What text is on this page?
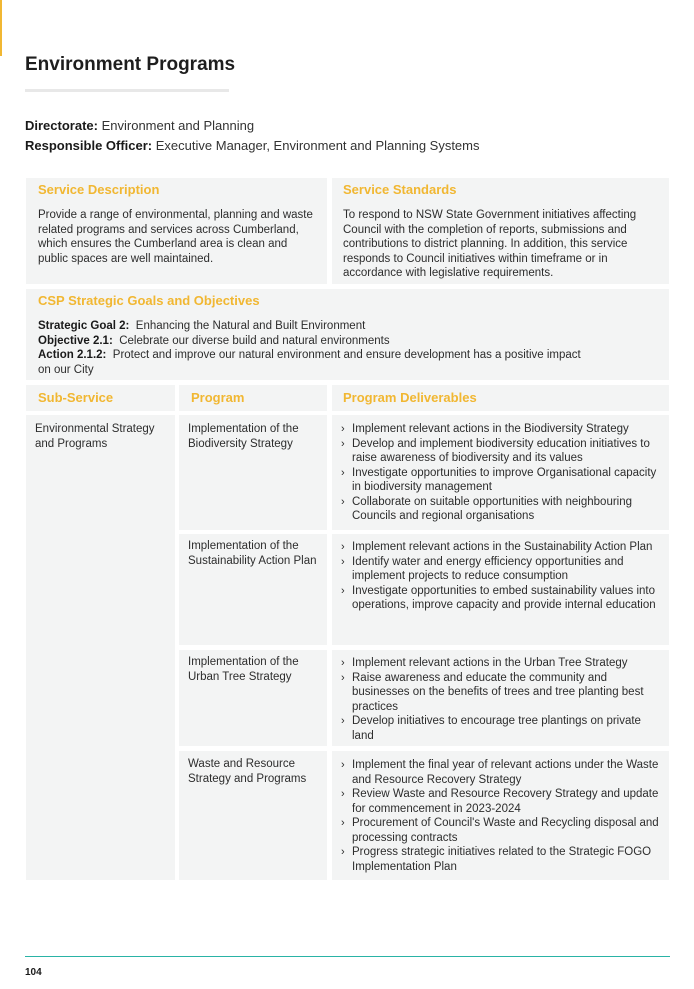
Environment Programs
Directorate: Environment and Planning
Responsible Officer: Executive Manager, Environment and Planning Systems
Service Description

Provide a range of environmental, planning and waste related programs and services across Cumberland, which ensures the Cumberland area is clean and public spaces are well maintained.

Service Standards

To respond to NSW State Government initiatives affecting Council with the completion of reports, submissions and contributions to district planning. In addition, this service responds to Council initiatives within timeframe or in accordance with legislative requirements.

CSP Strategic Goals and Objectives
Strategic Goal 2: Enhancing the Natural and Built Environment
Objective 2.1: Celebrate our diverse build and natural environments
Action 2.1.2: Protect and improve our natural environment and ensure development has a positive impact on our City
Sub-Service	Program	Program Deliverables

Environmental Strategy and Programs

Implementation of the Biodiversity Strategy

› Implement relevant actions in the Biodiversity Strategy
› Develop and implement biodiversity education initiatives to raise awareness of biodiversity and its values
› Investigate opportunities to improve Organisational capacity in biodiversity management
› Collaborate on suitable opportunities with neighbouring Councils and regional organisations

Implementation of the Sustainability Action Plan

› Implement relevant actions in the Sustainability Action Plan
› Identify water and energy efficiency opportunities and implement projects to reduce consumption
› Investigate opportunities to embed sustainability values into operations, improve capacity and provide internal education

Implementation of the Urban Tree Strategy

› Implement relevant actions in the Urban Tree Strategy
› Raise awareness and educate the community and businesses on the benefits of trees and tree planting best practices
› Develop initiatives to encourage tree plantings on private land

Waste and Resource Strategy and Programs

› Implement the final year of relevant actions under the Waste and Resource Recovery Strategy
› Review Waste and Resource Recovery Strategy and update for commencement in 2023-2024
› Procurement of Council's Waste and Recycling disposal and processing contracts
› Progress strategic initiatives related to the Strategic FOGO Implementation Plan
104
